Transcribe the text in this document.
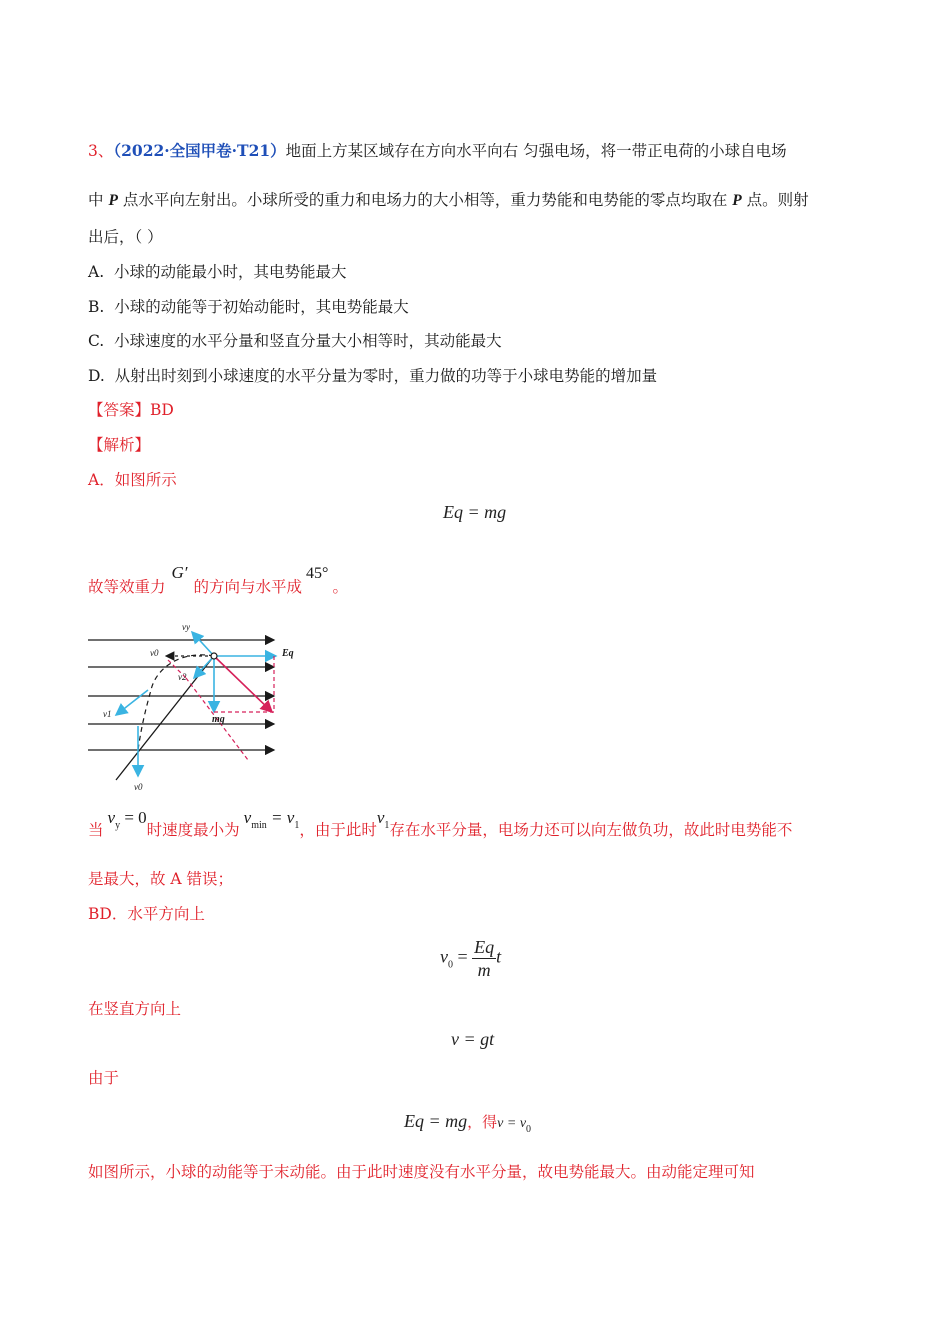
3、（2022·全国甲卷·T21）地面上方某区域存在方向水平向右 匀强电场，将一带正电荷的小球自电场
中 P 点水平向左射出。小球所受的重力和电场力的大小相等，重力势能和电势能的零点均取在 P 点。则射
出后，（ ）
A. 小球的动能最小时，其电势能最大
B. 小球的动能等于初始动能时，其电势能最大
C. 小球速度的水平分量和竖直分量大小相等时，其动能最大
D. 从射出时刻到小球速度的水平分量为零时，重力做的功等于小球电势能的增加量
【答案】BD
【解析】
A．如图所示
Eq = mg
故等效重力G′的方向与水平成45°。
vy
v0	Eq
v2
v1	mg
v0
当$v_y = 0$时速度最小为$v_{min} = v_1$，由于此时$v_1$存在水平分量，电场力还可以向左做负功，故此时电势能不
是最大，故 A 错误；
BD．水平方向上
$v_0 = \frac{Eq}{m}$ t
在竖直方向上
v = gt
由于
Eq = mg，得$v = v_0$
如图所示，小球的动能等于末动能。由于此时速度没有水平分量，故电势能最大。由动能定理可知
